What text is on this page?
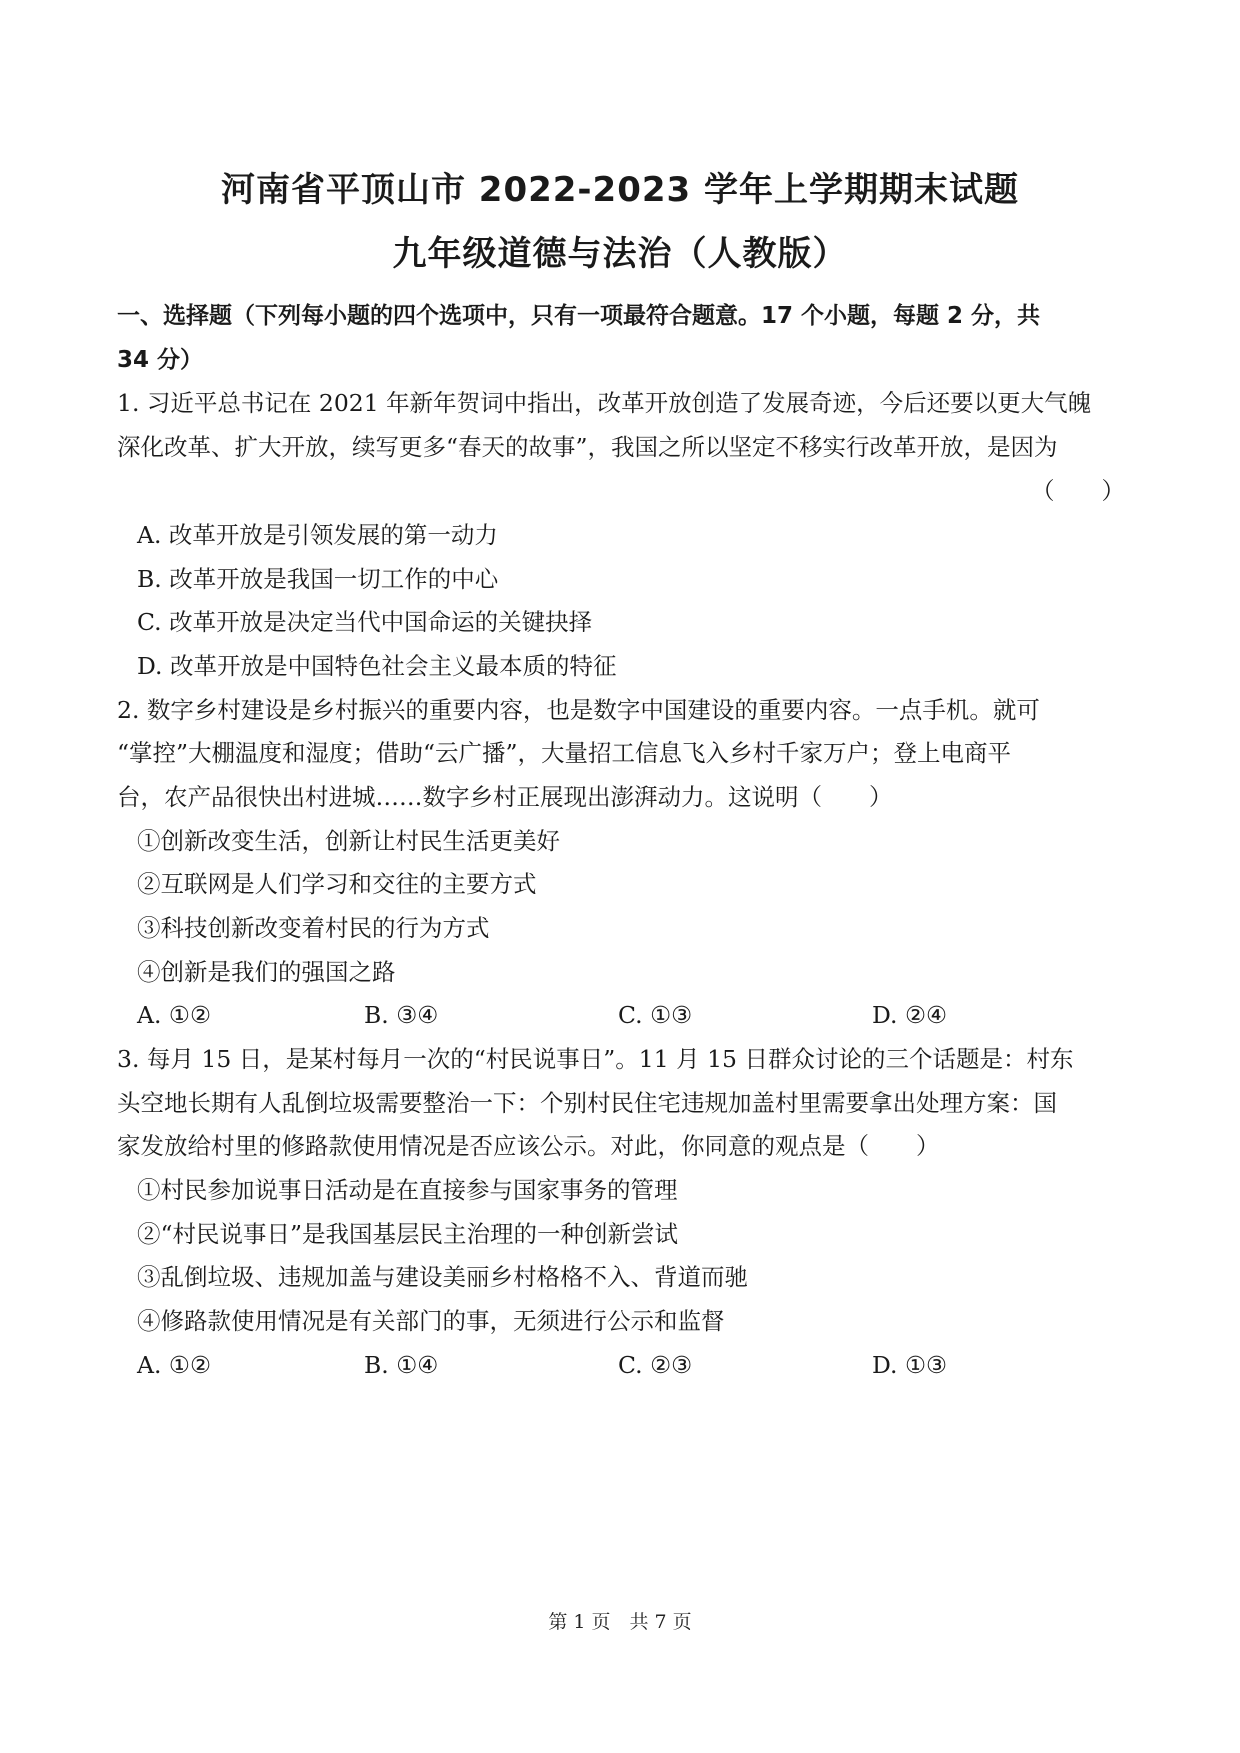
河南省平顶山市 2022-2023 学年上学期期末试题
九年级道德与法治（人教版）
一、选择题（下列每小题的四个选项中，只有一项最符合题意。17 个小题，每题 2 分，共
34 分）
1. 习近平总书记在 2021 年新年贺词中指出，改革开放创造了发展奇迹，今后还要以更大气魄
深化改革、扩大开放，续写更多“春天的故事”，我国之所以坚定不移实行改革开放，是因为
（　　）
A. 改革开放是引领发展的第一动力
B. 改革开放是我国一切工作的中心
C. 改革开放是决定当代中国命运的关键抉择
D. 改革开放是中国特色社会主义最本质的特征
2. 数字乡村建设是乡村振兴的重要内容，也是数字中国建设的重要内容。一点手机。就可
“掌控”大棚温度和湿度；借助“云广播”，大量招工信息飞入乡村千家万户；登上电商平
台，农产品很快出村进城……数字乡村正展现出澎湃动力。这说明（　　）
①创新改变生活，创新让村民生活更美好
②互联网是人们学习和交往的主要方式
③科技创新改变着村民的行为方式
④创新是我们的强国之路
A. ①②	B. ③④	C. ①③	D. ②④
3. 每月 15 日，是某村每月一次的“村民说事日”。11 月 15 日群众讨论的三个话题是：村东
头空地长期有人乱倒垃圾需要整治一下：个别村民住宅违规加盖村里需要拿出处理方案：国
家发放给村里的修路款使用情况是否应该公示。对此，你同意的观点是（　　）
①村民参加说事日活动是在直接参与国家事务的管理
②“村民说事日”是我国基层民主治理的一种创新尝试
③乱倒垃圾、违规加盖与建设美丽乡村格格不入、背道而驰
④修路款使用情况是有关部门的事，无须进行公示和监督
A. ①②	B. ①④	C. ②③	D. ①③
第 1 页　共 7 页
